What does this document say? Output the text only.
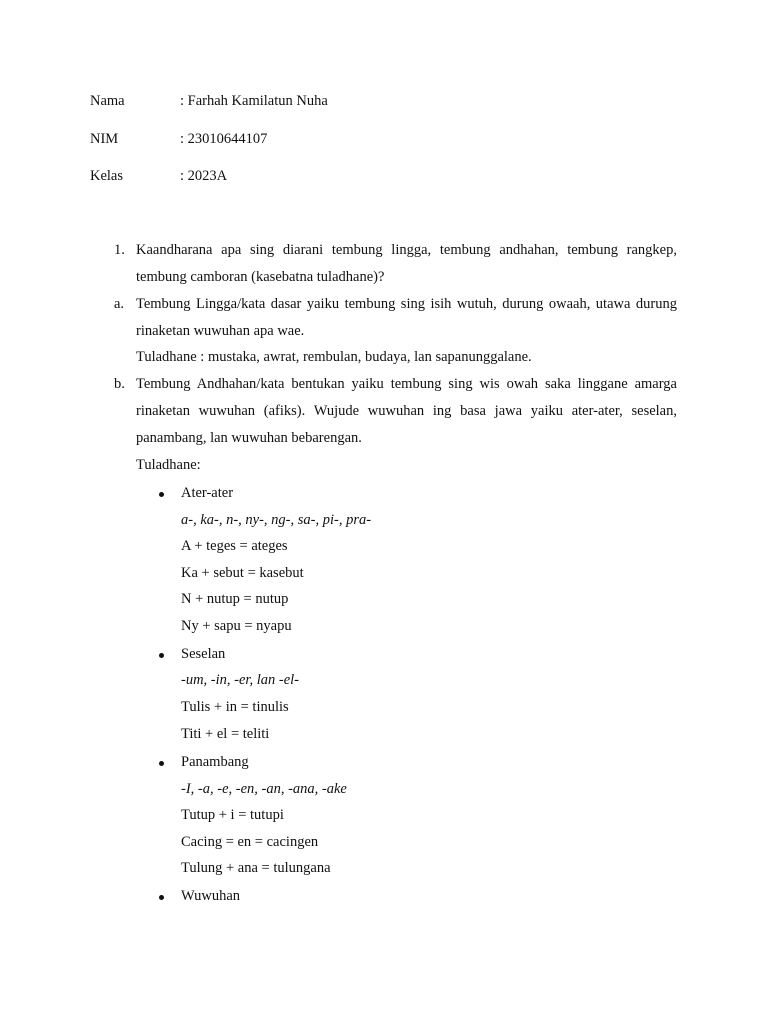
Nama	: Farhah Kamilatun Nuha
NIM	: 23010644107
Kelas	: 2023A
1. Kaandharana apa sing diarani tembung lingga, tembung andhahan, tembung rangkep,
tembung camboran (kasebatna tuladhane)?
a. Tembung Lingga/kata dasar yaiku tembung sing isih wutuh, durung owaah, utawa durung
rinaketan wuwuhan apa wae.
Tuladhane : mustaka, awrat, rembulan, budaya, lan sapanunggalane.
b. Tembung Andhahan/kata bentukan yaiku tembung sing wis owah saka linggane amarga
rinaketan wuwuhan (afiks). Wujude wuwuhan ing basa jawa yaiku ater-ater, seselan,
panambang, lan wuwuhan bebarengan.
Tuladhane:
Ater-ater
a-, ka-, n-, ny-, ng-, sa-, pi-, pra-
A + teges = ateges
Ka + sebut = kasebut
N + nutup = nutup
Ny + sapu = nyapu
Seselan
-um, -in, -er, lan -el-
Tulis + in = tinulis
Titi + el = teliti
Panambang
-I, -a, -e, -en, -an, -ana, -ake
Tutup + i = tutupi
Cacing = en = cacingen
Tulung + ana = tulungana
Wuwuhan
